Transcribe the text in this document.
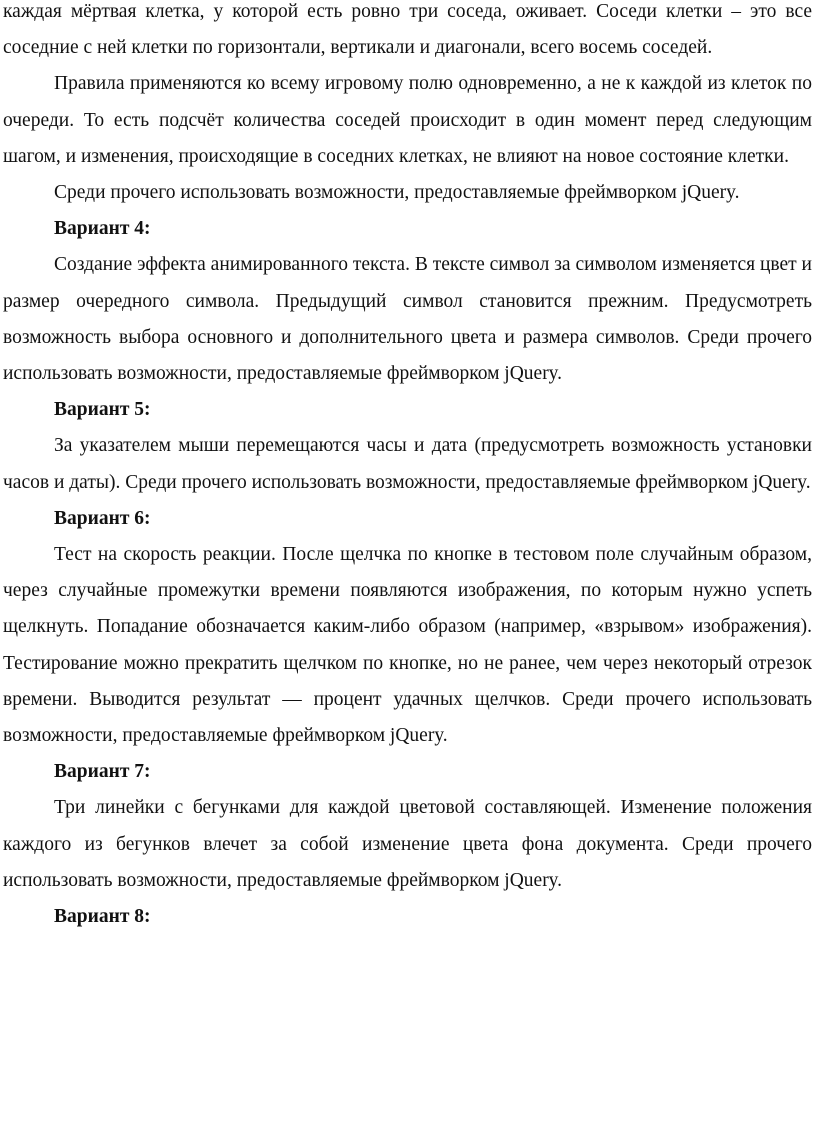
каждая мёртвая клетка, у которой есть ровно три соседа, оживает. Соседи клетки – это все соседние с ней клетки по горизонтали, вертикали и диагонали, всего восемь соседей.

Правила применяются ко всему игровому полю одновременно, а не к каждой из клеток по очереди. То есть подсчёт количества соседей происходит в один момент перед следующим шагом, и изменения, происходящие в соседних клетках, не влияют на новое состояние клетки.

Среди прочего использовать возможности, предоставляемые фреймворком jQuery.

Вариант 4:

Создание эффекта анимированного текста. В тексте символ за символом изменяется цвет и размер очередного символа. Предыдущий символ становится прежним. Предусмотреть возможность выбора основного и дополнительного цвета и размера символов. Среди прочего использовать возможности, предоставляемые фреймворком jQuery.

Вариант 5:

За указателем мыши перемещаются часы и дата (предусмотреть возможность установки часов и даты). Среди прочего использовать возможности, предоставляемые фреймворком jQuery.

Вариант 6:

Тест на скорость реакции. После щелчка по кнопке в тестовом поле случайным образом, через случайные промежутки времени появляются изображения, по которым нужно успеть щелкнуть. Попадание обозначается каким-либо образом (например, «взрывом» изображения). Тестирование можно прекратить щелчком по кнопке, но не ранее, чем через некоторый отрезок времени. Выводится результат — процент удачных щелчков. Среди прочего использовать возможности, предоставляемые фреймворком jQuery.

Вариант 7:

Три линейки с бегунками для каждой цветовой составляющей. Изменение положения каждого из бегунков влечет за собой изменение цвета фона документа. Среди прочего использовать возможности, предоставляемые фреймворком jQuery.

Вариант 8:
